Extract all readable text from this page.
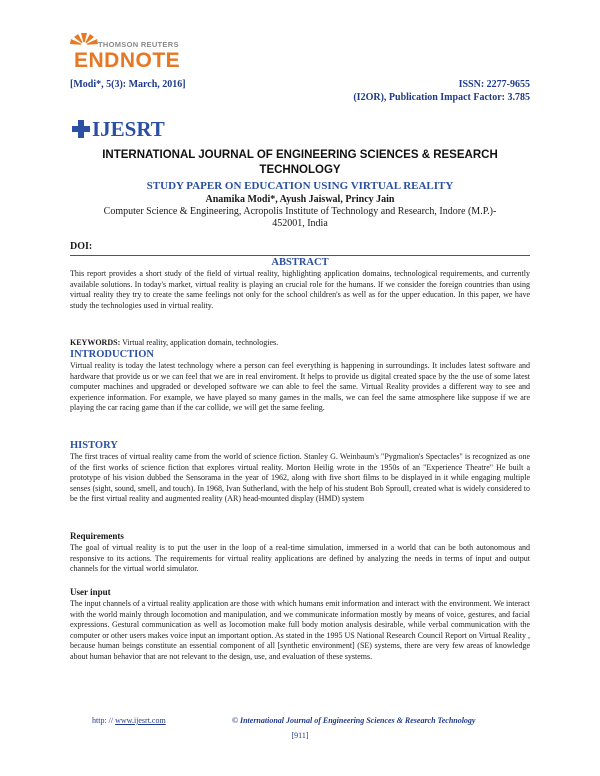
THOMSON REUTERS
ENDNOTE
[Modi*, 5(3): March, 2016]	ISSN: 2277-9655
(I2OR), Publication Impact Factor: 3.785
IJESRT
INTERNATIONAL JOURNAL OF ENGINEERING SCIENCES & RESEARCH
TECHNOLOGY
STUDY PAPER ON EDUCATION USING VIRTUAL REALITY
Anamika Modi*, Ayush Jaiswal, Princy Jain
Computer Science & Engineering, Acropolis Institute of Technology and Research, Indore (M.P.)-
452001, India
DOI:
ABSTRACT
This report provides a short study of the field of virtual reality, highlighting application domains, technological requirements, and currently available solutions. In today's market, virtual reality is playing an crucial role for the humans. If we consider the foreign countries than using virtual reality they try to create the same feelings not only for the school children's as well as for the upper education. In this paper, we have study the technologies used in virtual reality.
KEYWORDS: Virtual reality, application domain, technologies.
INTRODUCTION
Virtual reality is today the latest technology where a person can feel everything is happening in surroundings. It includes latest software and hardware that provide us or we can feel that we are in real enviroment. It helps to provide us digital created space by the the use of some latest computer machines and upgraded or developed software we can able to feel the same. Virtual Reality provides a different way to see and experience information. For example, we have played so many games in the malls, we can feel the same atmosphere like suppose if we are playing the car racing game than if the car collide, we will get the same feeling.
HISTORY
The first traces of virtual reality came from the world of science fiction. Stanley G. Weinbaum's "Pygmalion's Spectacles" is recognized as one of the first works of science fiction that explores virtual reality. Morton Heilig wrote in the 1950s of an "Experience Theatre" He built a prototype of his vision dubbed the Sensorama in the year of 1962, along with five short films to be displayed in it while engaging multiple senses (sight, sound, smell, and touch). In 1968, Ivan Sutherland, with the help of his student Bob Sproull, created what is widely considered to be the first virtual reality and augmented reality (AR) head-mounted display (HMD) system
Requirements
The goal of virtual reality is to put the user in the loop of a real-time simulation, immersed in a world that can be both autonomous and responsive to its actions. The requirements for virtual reality applications are defined by analyzing the needs in terms of input and output channels for the virtual world simulator.
User input
The input channels of a virtual reality application are those with which humans emit information and interact with the environment. We interact with the world mainly through locomotion and manipulation, and we communicate information mostly by means of voice, gestures, and facial expressions. Gestural communication as well as locomotion make full body motion analysis desirable, while verbal communication with the computer or other users makes voice input an important option. As stated in the 1995 US National Research Council Report on Virtual Reality , because human beings constitute an essential component of all [synthetic environment] (SE) systems, there are very few areas of knowledge about human behavior that are not relevant to the design, use, and evaluation of these systems.
http: // www.ijesrt.com	© International Journal of Engineering Sciences & Research Technology
[911]
